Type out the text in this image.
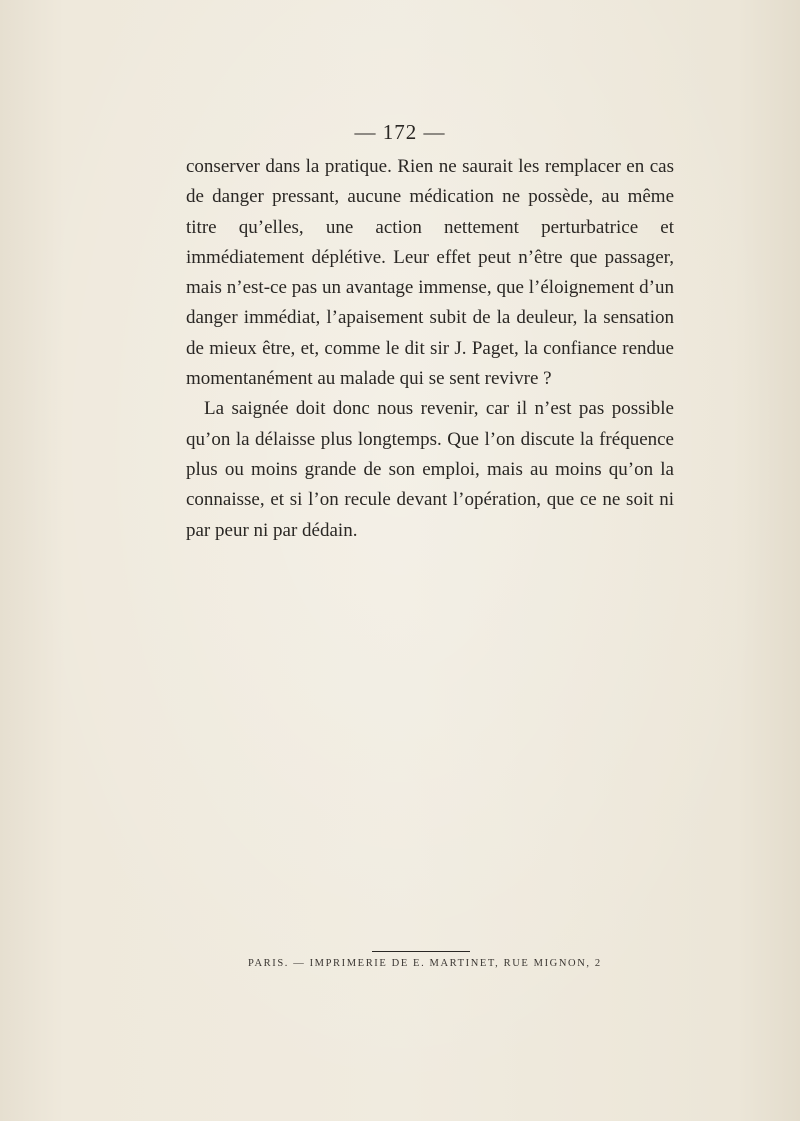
— 172 —

conserver dans la pratique. Rien ne saurait les remplacer en cas de danger pressant, aucune médication ne possède, au même titre qu’elles, une action nettement perturbatrice et immédiatement déplétive. Leur effet peut n’être que passager, mais n’est-ce pas un avantage immense, que l’éloignement d’un danger immédiat, l’apaisement subit de la deuleur, la sensation de mieux être, et, comme le dit sir J. Paget, la confiance rendue momentanément au malade qui se sent revivre ?

La saignée doit donc nous revenir, car il n’est pas possible qu’on la délaisse plus longtemps. Que l’on discute la fréquence plus ou moins grande de son emploi, mais au moins qu’on la connaisse, et si l’on recule devant l’opération, que ce ne soit ni par peur ni par dédain.

PARIS. — IMPRIMERIE DE E. MARTINET, RUE MIGNON, 2
